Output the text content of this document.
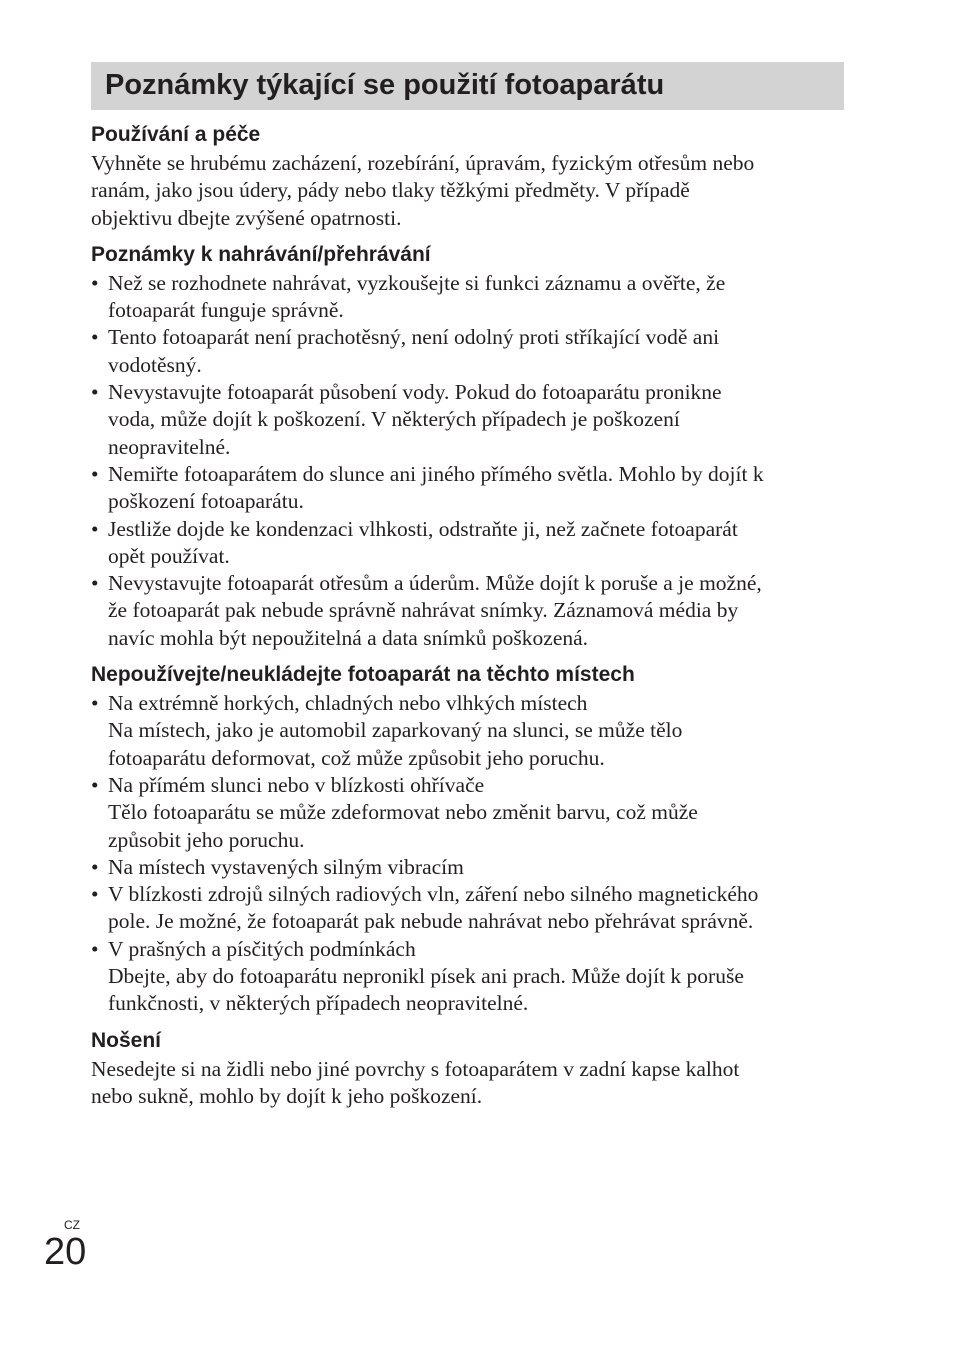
Poznámky týkající se použití fotoaparátu
Používání a péče

Vyhněte se hrubému zacházení, rozebírání, úpravám, fyzickým otřesům nebo
ranám, jako jsou údery, pády nebo tlaky těžkými předměty. V případě
objektivu dbejte zvýšené opatrnosti.

Poznámky k nahrávání/přehrávání
• Než se rozhodnete nahrávat, vyzkoušejte si funkci záznamu a ověřte, že
fotoaparát funguje správně.
• Tento fotoaparát není prachotěsný, není odolný proti stříkající vodě ani
vodotěsný.
• Nevystavujte fotoaparát působení vody. Pokud do fotoaparátu pronikne
voda, může dojít k poškození. V některých případech je poškození
neopravitelné.
• Nemiřte fotoaparátem do slunce ani jiného přímého světla. Mohlo by dojít k
poškození fotoaparátu.
• Jestliže dojde ke kondenzaci vlhkosti, odstraňte ji, než začnete fotoaparát
opět používat.
• Nevystavujte fotoaparát otřesům a úderům. Může dojít k poruše a je možné,
že fotoaparát pak nebude správně nahrávat snímky. Záznamová média by
navíc mohla být nepoužitelná a data snímků poškozená.
Nepoužívejte/neukládejte fotoaparát na těchto místech
• Na extrémně horkých, chladných nebo vlhkých místech
Na místech, jako je automobil zaparkovaný na slunci, se může tělo
fotoaparátu deformovat, což může způsobit jeho poruchu.
• Na přímém slunci nebo v blízkosti ohřívače
Tělo fotoaparátu se může zdeformovat nebo změnit barvu, což může
způsobit jeho poruchu.
• Na místech vystavených silným vibracím
• V blízkosti zdrojů silných radiových vln, záření nebo silného magnetického
pole. Je možné, že fotoaparát pak nebude nahrávat nebo přehrávat správně.
• V prašných a písčitých podmínkách
Dbejte, aby do fotoaparátu nepronikl písek ani prach. Může dojít k poruše
funkčnosti, v některých případech neopravitelné.
Nošení

Nesedejte si na židli nebo jiné povrchy s fotoaparátem v zadní kapse kalhot
nebo sukně, mohlo by dojít k jeho poškození.

CZ
20
